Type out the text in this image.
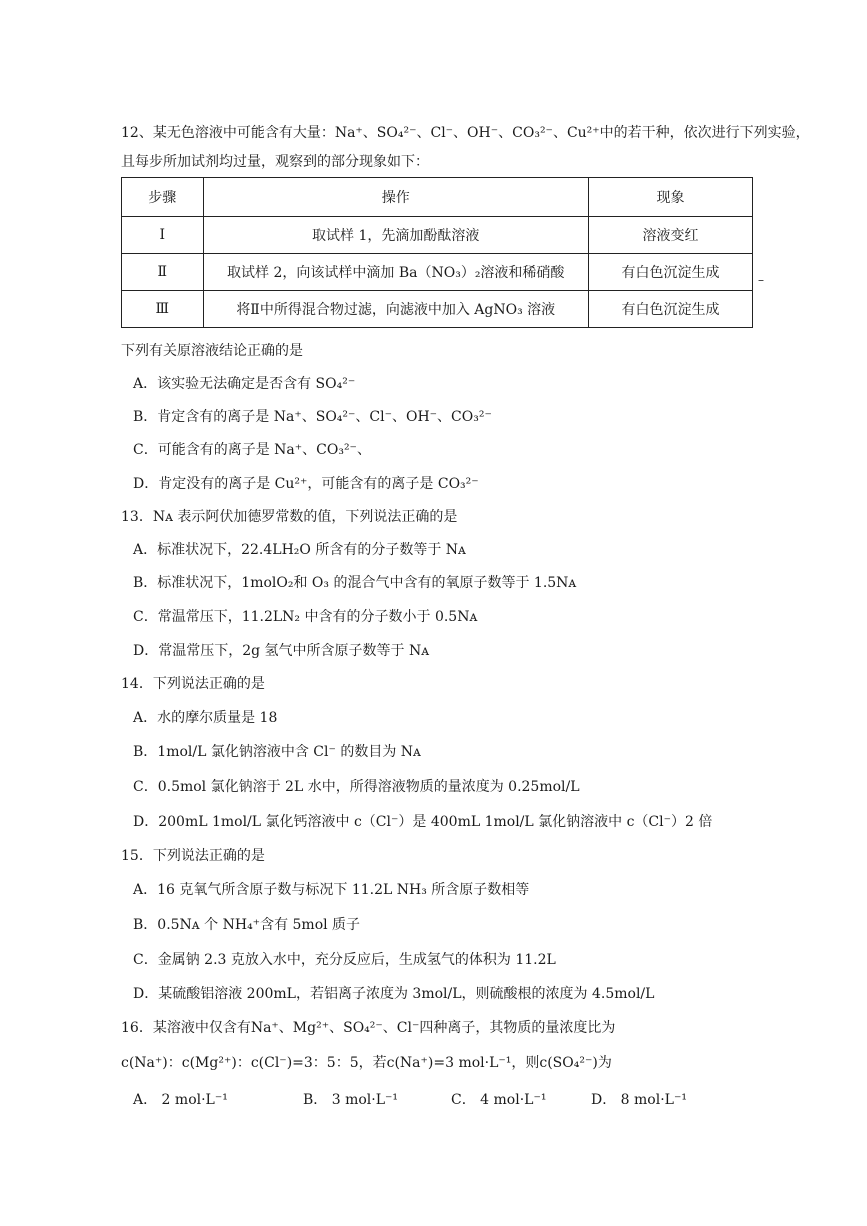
12、某无色溶液中可能含有大量：Na⁺、SO₄²⁻、Cl⁻、OH⁻、CO₃²⁻、Cu²⁺中的若干种，依次进行下列实验，
且每步所加试剂均过量，观察到的部分现象如下：
步骤	操作	现象
Ⅰ	取试样 1，先滴加酚酞溶液	溶液变红
Ⅱ	取试样 2，向该试样中滴加 Ba（NO₃）₂溶液和稀硝酸	有白色沉淀生成
Ⅲ	将Ⅱ中所得混合物过滤，向滤液中加入 AgNO₃ 溶液	有白色沉淀生成
–
下列有关原溶液结论正确的是
A．该实验无法确定是否含有 SO₄²⁻
B．肯定含有的离子是 Na⁺、SO₄²⁻、Cl⁻、OH⁻、CO₃²⁻
C．可能含有的离子是 Na⁺、CO₃²⁻、
D．肯定没有的离子是 Cu²⁺，可能含有的离子是 CO₃²⁻
13．Nᴀ 表示阿伏加德罗常数的值，下列说法正确的是
A．标准状况下，22.4LH₂O 所含有的分子数等于 Nᴀ
B．标准状况下，1molO₂和 O₃ 的混合气中含有的氧原子数等于 1.5Nᴀ
C．常温常压下，11.2LN₂ 中含有的分子数小于 0.5Nᴀ
D．常温常压下，2g 氢气中所含原子数等于 Nᴀ
14．下列说法正确的是
A．水的摩尔质量是 18
B．1mol/L 氯化钠溶液中含 Cl⁻ 的数目为 Nᴀ
C．0.5mol 氯化钠溶于 2L 水中，所得溶液物质的量浓度为 0.25mol/L
D．200mL 1mol/L 氯化钙溶液中 c（Cl⁻）是 400mL 1mol/L 氯化钠溶液中 c（Cl⁻）2 倍
15．下列说法正确的是
A．16 克氧气所含原子数与标况下 11.2L NH₃ 所含原子数相等
B．0.5Nᴀ 个 NH₄⁺含有 5mol 质子
C．金属钠 2.3 克放入水中，充分反应后，生成氢气的体积为 11.2L
D．某硫酸铝溶液 200mL，若铝离子浓度为 3mol/L，则硫酸根的浓度为 4.5mol/L
16．某溶液中仅含有Na⁺、Mg²⁺、SO₄²⁻、Cl⁻四种离子，其物质的量浓度比为
c(Na⁺)：c(Mg²⁺)：c(Cl⁻)=3：5：5，若c(Na⁺)=3 mol·L⁻¹，则c(SO₄²⁻)为
A． 2 mol·L⁻¹	B． 3 mol·L⁻¹	C． 4 mol·L⁻¹	D． 8 mol·L⁻¹
